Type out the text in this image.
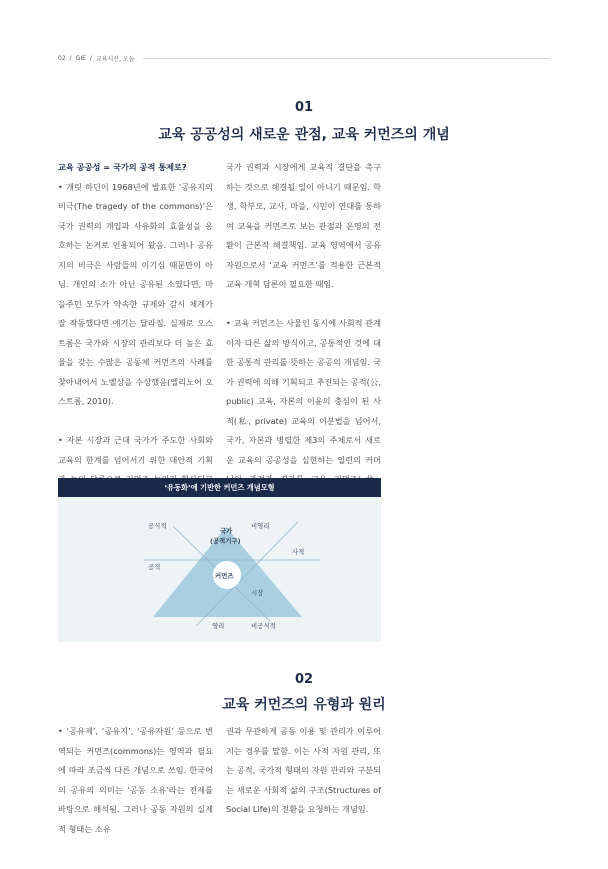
02 / GIE / 교육시선, 오늘
01
교육 공공성의 새로운 관점, 교육 커먼즈의 개념
교육 공공성 = 국가의 공적 통제로?

• 개릿 하딘이 1968년에 발표한 ‘공유지의 비극(The tragedy of the commons)’은 국가 권력의 개입과 사유화의 효율성을 옹호하는 논거로 인용되어 왔음. 그러나 공유지의 비극은 사람들의 이기심 때문만이 아님. 개인의 소가 아닌 공유된 소였다면, 마을주민 모두가 약속한 규제와 감시 체계가 잘 작동했다면 얘기는 달라짐. 실제로 오스트롬은 국가와 시장의 관리보다 더 높은 효율을 갖는 수많은 공동체 커먼즈의 사례를 찾아내어서 노벨상을 수상했음(엘리노어 오스트롬, 2010).

• 자본 시장과 근대 국가가 주도한 사회와 교육의 한계를 넘어서기 위한 대안적 기획

국가 권력과 시장에게 교육적 결단을 촉구하는 것으로 해결될 일이 아니기 때문임. 학생, 학부모, 교사, 마을, 시민이 연대를 통하여 교육을 커먼즈로 보는 관점과 운영의 전환이 근본적 해결책임. 교육 영역에서 공유자원으로서 ‘교육 커먼즈’를 적용한 근본적 교육 개혁 담론이 필요한 때임.

• 교육 커먼즈는 사물인 동시에 사회적 관계이자 다른 삶의 방식이고, 공통적인 것에 대한 공통적 관리를 뜻하는 공공의 개념임. 국가 권력에 의해 기획되고 추진되는 공적(公, public) 교육, 자본의 이윤의 충심이 된 사적(私, private) 교육의 이분법을 넘어서, 국가, 자본과 병렬한 제3의 주체로서 새로운 교육의 공공성을 실현하는 일련의 커머

‘유동화’에 기반한 커먼즈 개념모형
공식적	비영리
국가
(공적기구)
사적
공적
커먼즈
시장
영리	비공식적
02
교육 커먼즈의 유형과 원리

• ‘공유제’, ‘공유지’, ‘공유자원’ 등으로 번역되는 커먼즈(commons)는 영역과 필요에 따라 조금씩 다른 개념으로 쓰임. 한국어의 공유의 의미는 ‘공동 소유’라는 전제를 바탕으로 해석됨. 그러나 공동 자원의 실제적 형태는 소유

권과 무관하게 공동 이용 및 관리가 이루어지는 경우를 말함. 이는 사적 자원 관리, 또는 공적, 국가적 형태의 자원 관리와 구분되는 새로운 사회적 삶의 구조(Structures of Social Life)의 전환을 요청하는 개념임.
